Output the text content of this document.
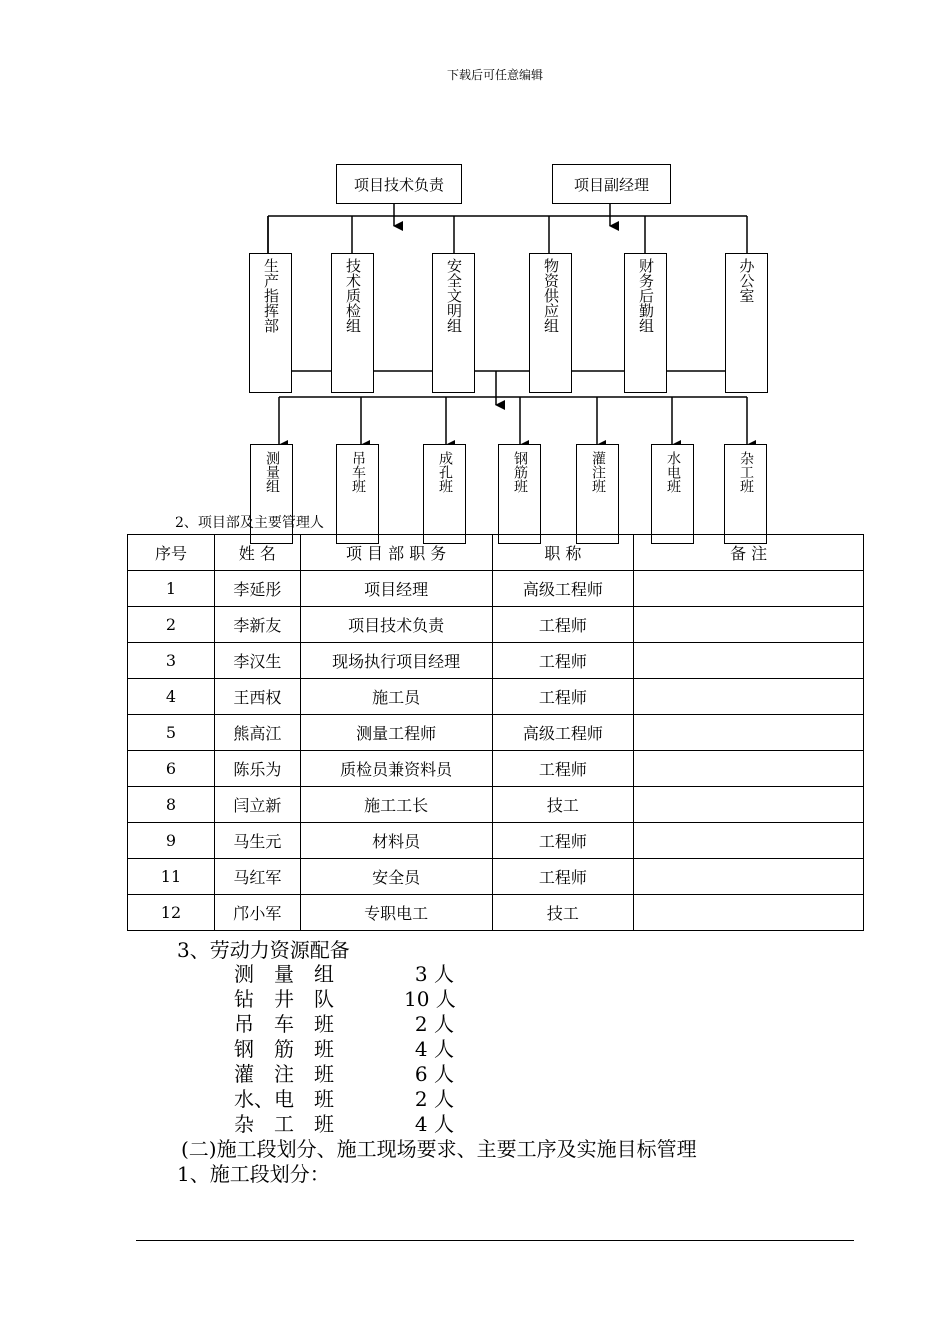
下载后可任意编辑
项目技术负责	项目副经理
生产指挥部	技术质检组	安全文明组	物资供应组	财务后勤组	办公室
测量组	吊车班	成孔班	钢筋班	灌注班	水电班	杂工班
2、项目部及主要管理人
序号	姓 名	项 目 部 职 务	职 称	备 注
1	李延彤	项目经理	高级工程师	
2	李新友	项目技术负责	工程师	
3	李汉生	现场执行项目经理	工程师	
4	王西权	施工员	工程师	
5	熊高江	测量工程师	高级工程师	
6	陈乐为	质检员兼资料员	工程师	
8	闫立新	施工工长	技工	
9	马生元	材料员	工程师	
11	马红军	安全员	工程师	
12	邝小军	专职电工	技工	
3、劳动力资源配备
测　量　组	3 人
钻　井　队	10 人
吊　车　班	2 人
钢　筋　班	4 人
灌　注　班	6 人
水、电　班	2 人
杂　工　班	4 人
(二)施工段划分、施工现场要求、主要工序及实施目标管理
1、施工段划分：
